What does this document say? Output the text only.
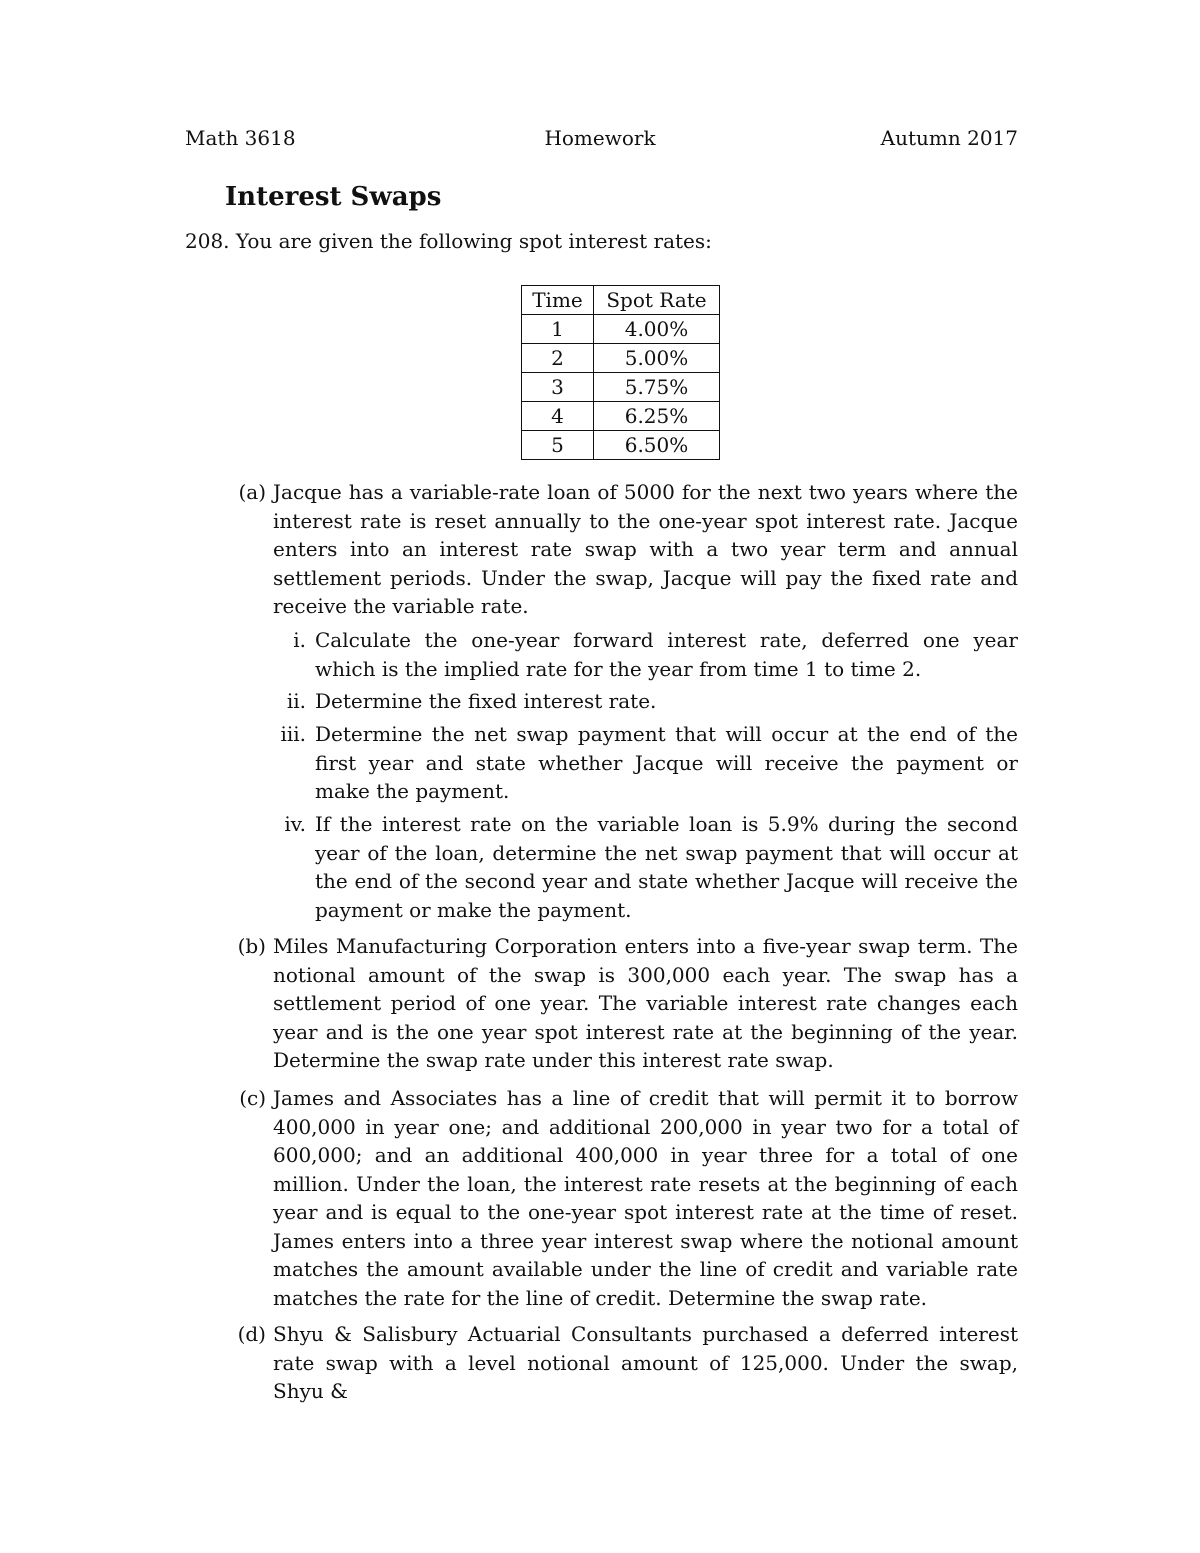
Math 3618	Homework	Autumn 2017
Interest Swaps
208. You are given the following spot interest rates:
Time	Spot Rate
1	4.00%
2	5.00%
3	5.75%
4	6.25%
5	6.50%
(a) Jacque has a variable-rate loan of 5000 for the next two years where the interest rate is reset annually to the one-year spot interest rate. Jacque enters into an interest rate swap with a two year term and annual settlement periods. Under the swap, Jacque will pay the fixed rate and receive the variable rate.
i. Calculate the one-year forward interest rate, deferred one year which is the implied rate for the year from time 1 to time 2.
ii. Determine the fixed interest rate.
iii. Determine the net swap payment that will occur at the end of the first year and state whether Jacque will receive the payment or make the payment.
iv. If the interest rate on the variable loan is 5.9% during the second year of the loan, determine the net swap payment that will occur at the end of the second year and state whether Jacque will receive the payment or make the payment.
(b) Miles Manufacturing Corporation enters into a five-year swap term. The notional amount of the swap is 300,000 each year. The swap has a settlement period of one year. The variable interest rate changes each year and is the one year spot interest rate at the beginning of the year. Determine the swap rate under this interest rate swap.
(c) James and Associates has a line of credit that will permit it to borrow 400,000 in year one; and additional 200,000 in year two for a total of 600,000; and an additional 400,000 in year three for a total of one million. Under the loan, the interest rate resets at the beginning of each year and is equal to the one-year spot interest rate at the time of reset. James enters into a three year interest swap where the notional amount matches the amount available under the line of credit and variable rate matches the rate for the line of credit. Determine the swap rate.
(d) Shyu & Salisbury Actuarial Consultants purchased a deferred interest rate swap with a level notional amount of 125,000. Under the swap, Shyu &
